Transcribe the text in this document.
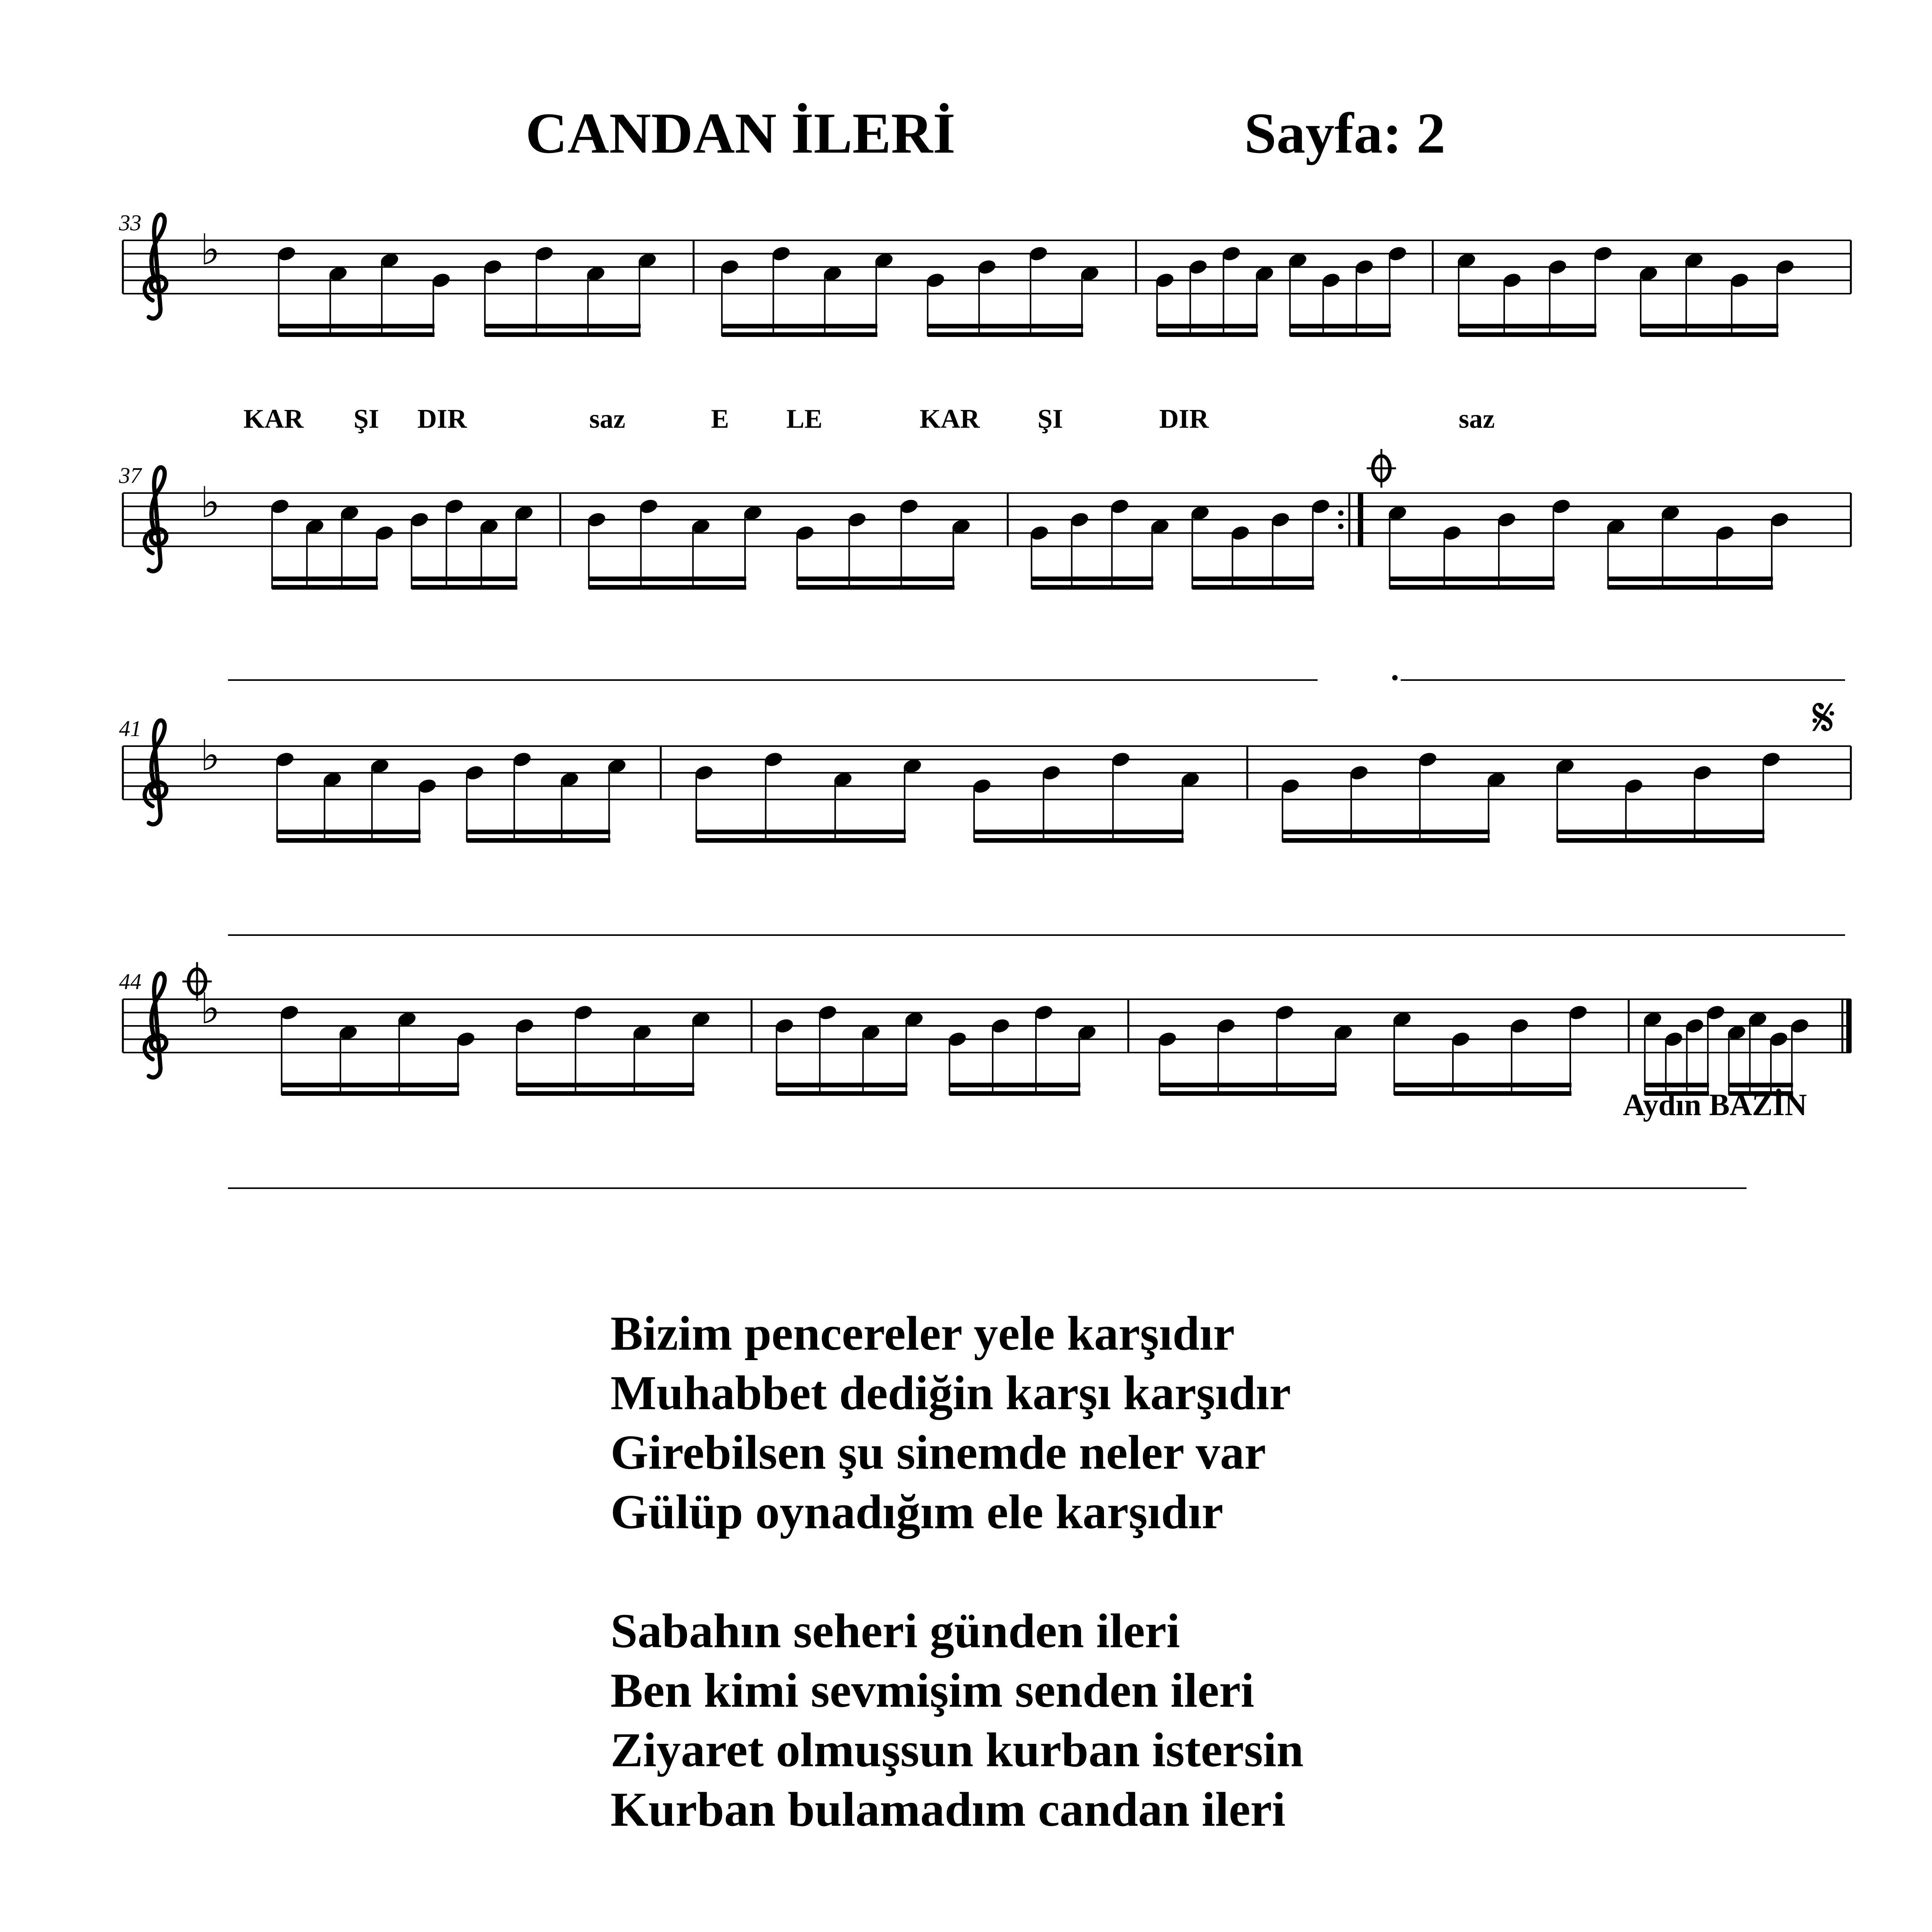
CANDAN İLERİ	Sayfa: 2
♭
♭
♭
♭
𝄋
33
37
41
44
KAR ŞI DIR	saz	E LE	KAR ŞI	DIR	saz
Aydın BAZİN
Bizim pencereler yele karşıdır
Muhabbet dediğin karşı karşıdır
Girebilsen şu sinemde neler var
Gülüp oynadığım ele karşıdır
Sabahın seheri günden ileri
Ben kimi sevmişim senden ileri
Ziyaret olmuşsun kurban istersin
Kurban bulamadım candan ileri
